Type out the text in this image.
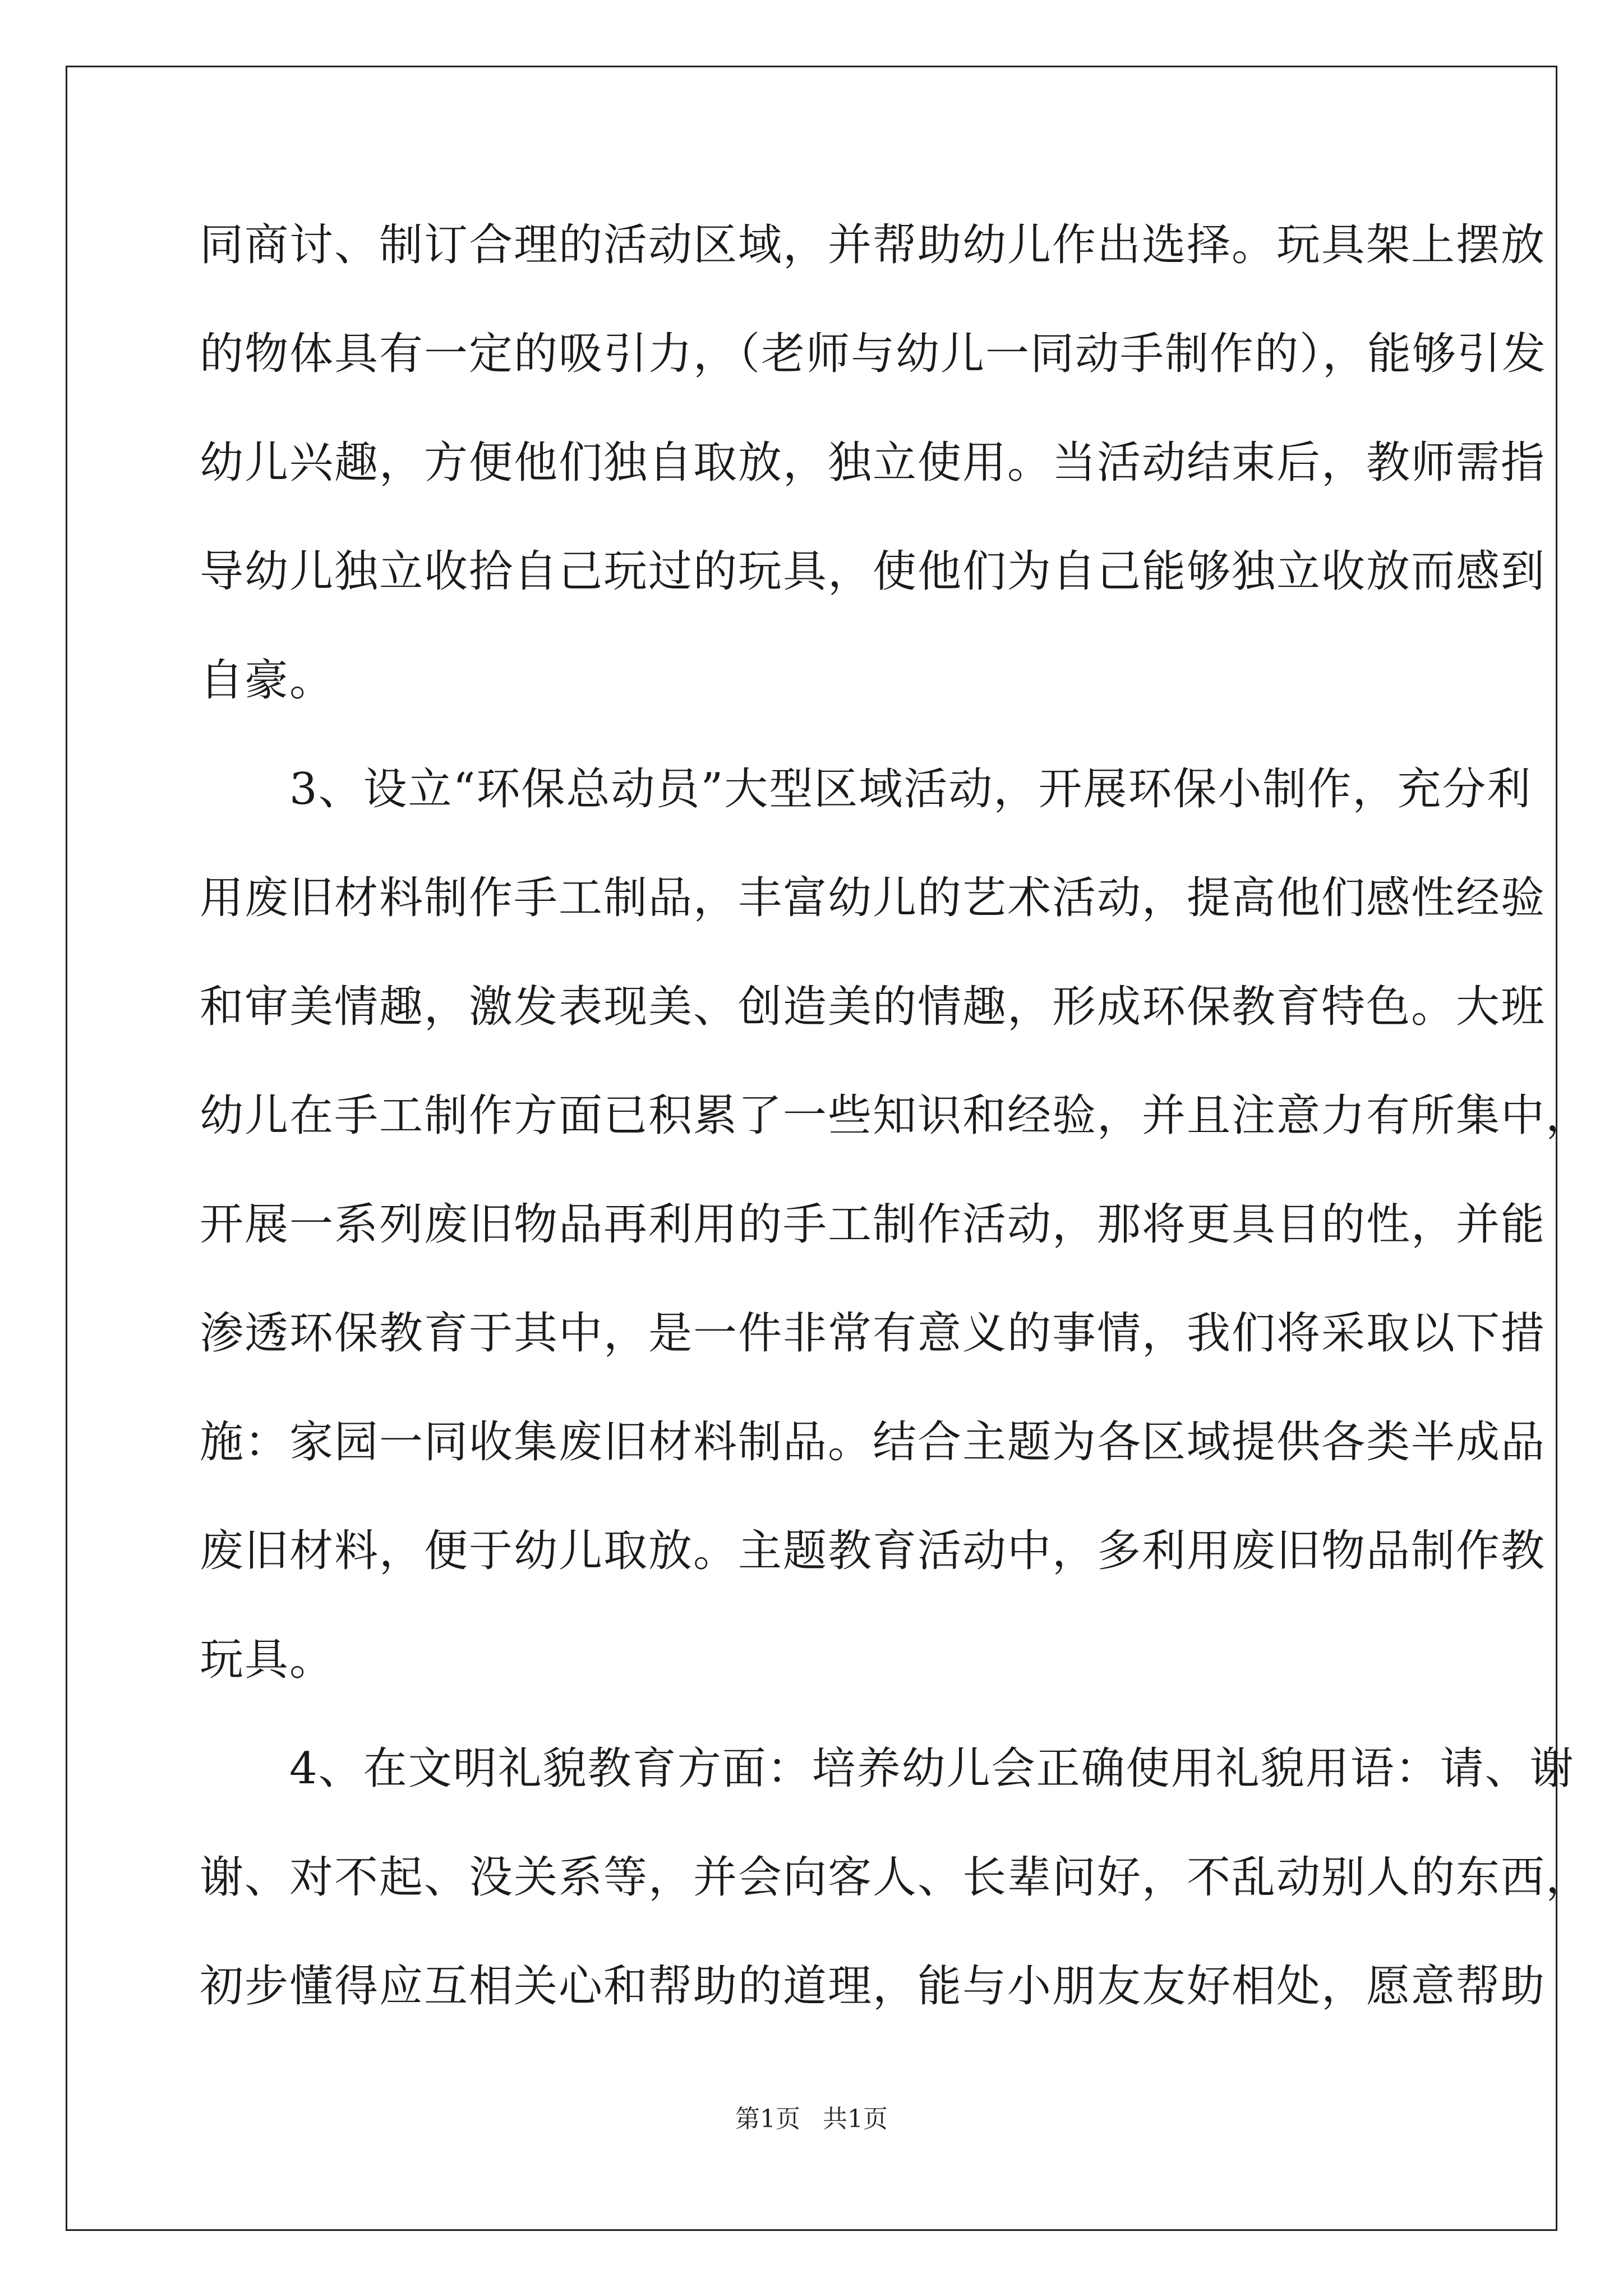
同商讨、制订合理的活动区域，并帮助幼儿作出选择。玩具架上摆放
的物体具有一定的吸引力，（老师与幼儿一同动手制作的），能够引发
幼儿兴趣，方便他们独自取放，独立使用。当活动结束后，教师需指
导幼儿独立收拾自己玩过的玩具，使他们为自己能够独立收放而感到
自豪。
　　3、设立“环保总动员”大型区域活动，开展环保小制作，充分利
用废旧材料制作手工制品，丰富幼儿的艺术活动，提高他们感性经验
和审美情趣，激发表现美、创造美的情趣，形成环保教育特色。大班
幼儿在手工制作方面已积累了一些知识和经验，并且注意力有所集中，
开展一系列废旧物品再利用的手工制作活动，那将更具目的性，并能
渗透环保教育于其中，是一件非常有意义的事情，我们将采取以下措
施：家园一同收集废旧材料制品。结合主题为各区域提供各类半成品
废旧材料，便于幼儿取放。主题教育活动中，多利用废旧物品制作教
玩具。
　　4、在文明礼貌教育方面：培养幼儿会正确使用礼貌用语：请、谢
谢、对不起、没关系等，并会向客人、长辈问好，不乱动别人的东西，
初步懂得应互相关心和帮助的道理，能与小朋友友好相处，愿意帮助
第1页 共1页
